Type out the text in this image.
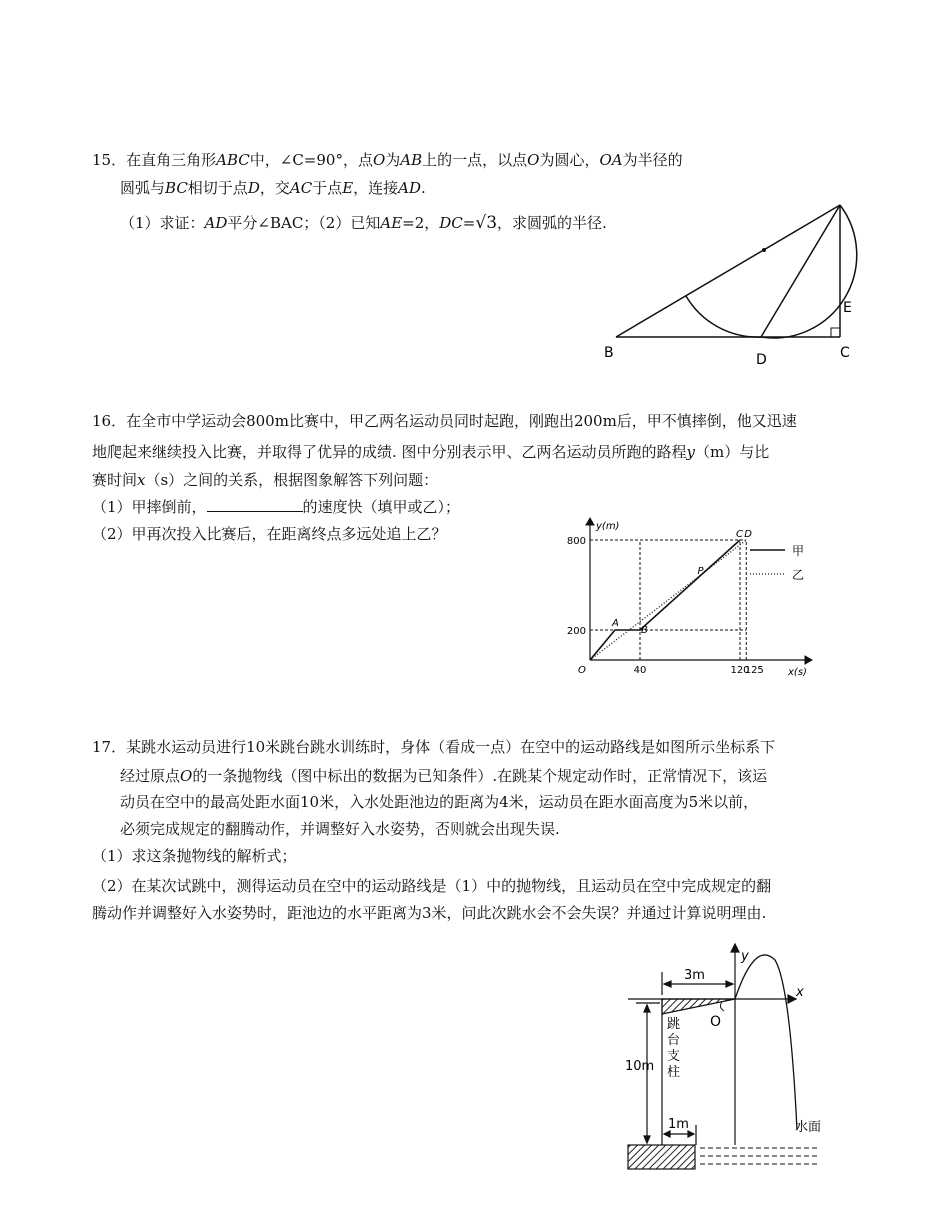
15．在直角三角形ABC中，∠C=90°，点O为AB上的一点，以点O为圆心，OA为半径的
圆弧与BC相切于点D，交AC于点E，连接AD.
（1）求证：AD平分∠BAC；（2）已知AE=2，DC=√3，求圆弧的半径.
B	D	C
E
16．在全市中学运动会800m比赛中，甲乙两名运动员同时起跑，刚跑出200m后，甲不慎摔倒，他又迅速
地爬起来继续投入比赛，并取得了优异的成绩. 图中分别表示甲、乙两名运动员所跑的路程y（m）与比
赛时间x（s）之间的关系，根据图象解答下列问题：
（1）甲摔倒前，	的速度快（填甲或乙）；
（2）甲再次投入比赛后，在距离终点多远处追上乙？
甲
乙
y(m)
x(s)
O
800
200
40	120
125
A
B
C D
P
17．某跳水运动员进行10米跳台跳水训练时，身体（看成一点）在空中的运动路线是如图所示坐标系下
经过原点O的一条抛物线（图中标出的数据为已知条件）.在跳某个规定动作时，正常情况下，该运
动员在空中的最高处距水面10米，入水处距池边的距离为4米，运动员在距水面高度为5米以前，
必须完成规定的翻腾动作，并调整好入水姿势，否则就会出现失误.
（1）求这条抛物线的解析式；
（2）在某次试跳中，测得运动员在空中的运动路线是（1）中的抛物线，且运动员在空中完成规定的翻
腾动作并调整好入水姿势时，距池边的水平距离为3米，问此次跳水会不会失误？并通过计算说明理由.
y
x
O
3m
10m
1m	水面
跳
台
支
柱
